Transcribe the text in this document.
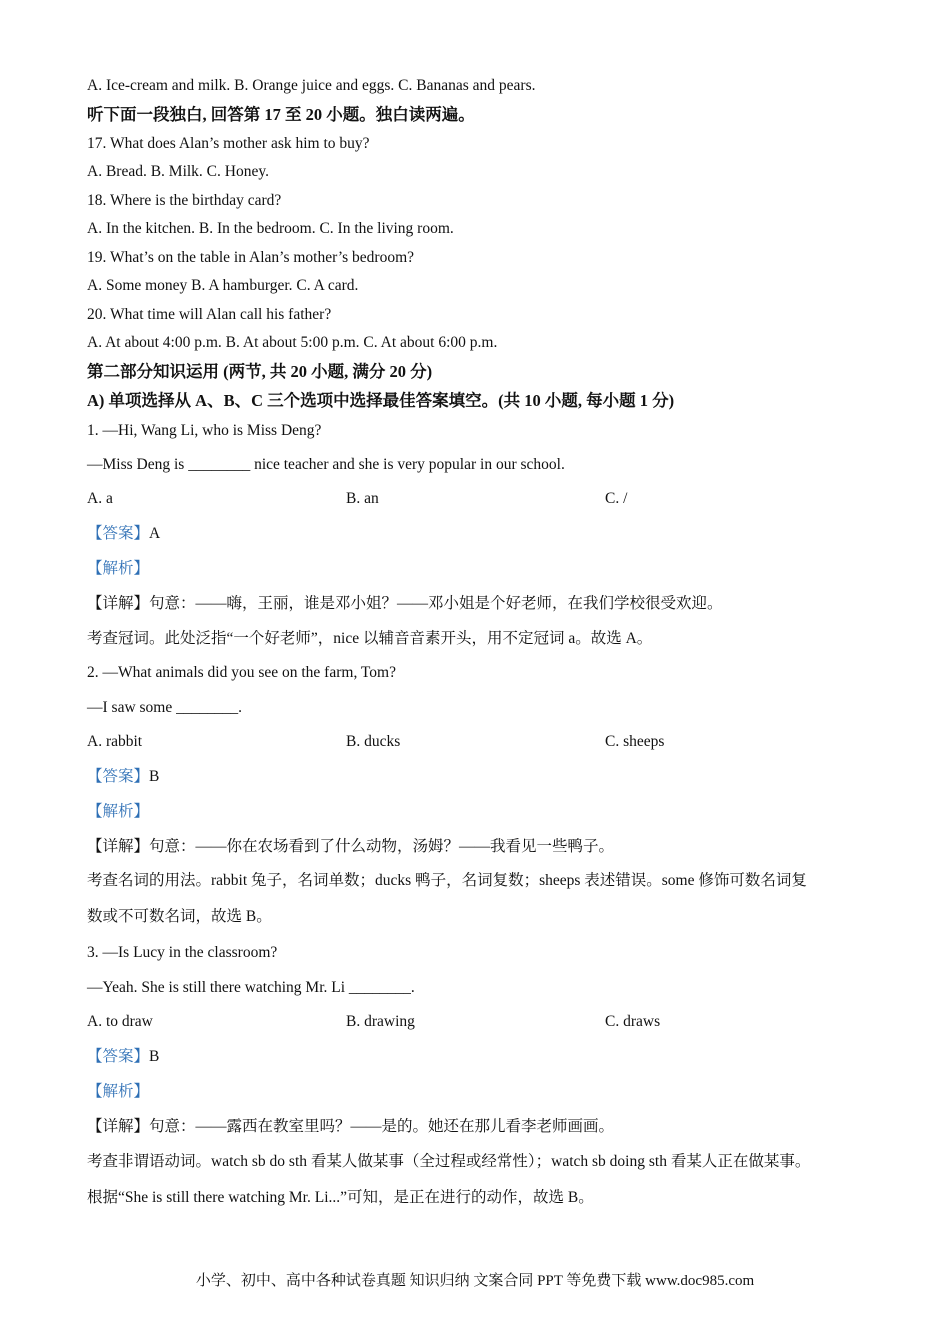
A. Ice-cream and milk. B. Orange juice and eggs. C. Bananas and pears.
听下面一段独白, 回答第 17 至 20 小题。独白读两遍。
17. What does Alan’s mother ask him to buy?
A. Bread. B. Milk. C. Honey.
18. Where is the birthday card?
A. In the kitchen. B. In the bedroom. C. In the living room.
19. What’s on the table in Alan’s mother’s bedroom?
A. Some money B. A hamburger. C. A card.
20. What time will Alan call his father?
A. At about 4:00 p.m. B. At about 5:00 p.m. C. At about 6:00 p.m.
第二部分知识运用 (两节, 共 20 小题, 满分 20 分)
A) 单项选择从 A、B、C 三个选项中选择最佳答案填空。(共 10 小题, 每小题 1 分)
1. —Hi, Wang Li, who is Miss Deng?
—Miss Deng is ________ nice teacher and she is very popular in our school.
A. a	B. an	C. /
【答案】A
【解析】
【详解】句意：——嗨，王丽，谁是邓小姐？——邓小姐是个好老师，在我们学校很受欢迎。
考查冠词。此处泛指“一个好老师”，nice 以辅音音素开头，用不定冠词 a。故选 A。
2. —What animals did you see on the farm, Tom?
—I saw some ________.
A. rabbit	B. ducks	C. sheeps
【答案】B
【解析】
【详解】句意：——你在农场看到了什么动物，汤姆？——我看见一些鸭子。
考查名词的用法。rabbit 兔子，名词单数；ducks 鸭子，名词复数；sheeps 表述错误。some 修饰可数名词复
数或不可数名词，故选 B。
3. —Is Lucy in the classroom?
—Yeah. She is still there watching Mr. Li ________.
A. to draw	B. drawing	C. draws
【答案】B
【解析】
【详解】句意：——露西在教室里吗？——是的。她还在那儿看李老师画画。
考查非谓语动词。watch sb do sth 看某人做某事（全过程或经常性）；watch sb doing sth 看某人正在做某事。
根据“She is still there watching Mr. Li...”可知，是正在进行的动作，故选 B。
小学、初中、高中各种试卷真题 知识归纳 文案合同 PPT 等免费下载 www.doc985.com
